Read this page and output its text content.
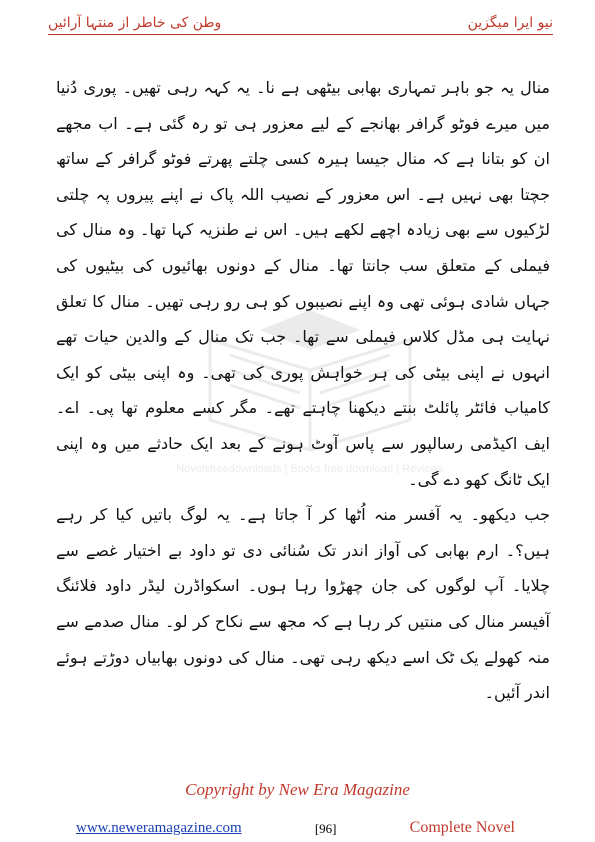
وطن کی خاطر از منتہا آرائیں	نیو ایرا میگزین
Novelsfreedownloads | Books free download | Reviews

منال یہ جو باہر تمہاری بھابی بیٹھی ہے نا۔ یہ کہہ رہی تھیں۔ پوری دُنیا میں میرے فوٹو گرافر بھانجے کے لیے معزور ہی تو رہ گئی ہے۔ اب مجھے ان کو بتانا ہے کہ منال جیسا ہیرہ کسی چلتے پھرتے فوٹو گرافر کے ساتھ جچتا بھی نہیں ہے۔ اس معزور کے نصیب اللہ پاک نے اپنے پیروں پہ چلتی لڑکیوں سے بھی زیادہ اچھے لکھے ہیں۔ اس نے طنزیہ کہا تھا۔ وہ منال کی فیملی کے متعلق سب جانتا تھا۔ منال کے دونوں بھائیوں کی بیٹیوں کی جہاں شادی ہوئی تھی وہ اپنے نصیبوں کو ہی رو رہی تھیں۔ منال کا تعلق نہایت ہی مڈل کلاس فیملی سے تھا۔ جب تک منال کے والدین حیات تھے انہوں نے اپنی بیٹی کی ہر خواہش پوری کی تھی۔ وہ اپنی بیٹی کو ایک کامیاب فائٹر پائلٹ بنتے دیکھنا چاہتے تھے۔ مگر کسے معلوم تھا پی۔ اے۔ ایف اکیڈمی رسالپور سے پاس آوٹ ہونے کے بعد ایک حادثے میں وہ اپنی ایک ٹانگ کھو دے گی۔

جب دیکھو۔ یہ آفسر منہ اُٹھا کر آ جاتا ہے۔ یہ لوگ باتیں کیا کر رہے ہیں؟۔ ارم بھابی کی آواز اندر تک سُنائی دی تو داود بے اختیار غصے سے چلایا۔ آپ لوگوں کی جان چھڑوا رہا ہوں۔ اسکواڈرن لیڈر داود فلائنگ آفیسر منال کی منتیں کر رہا ہے کہ مجھ سے نکاح کر لو۔ منال صدمے سے منہ کھولے یک ٹک اسے دیکھ رہی تھی۔ منال کی دونوں بھابیاں دوڑتے ہوئے اندر آئیں۔

Copyright by New Era Magazine
www.neweramagazine.com	[96]	Complete Novel
